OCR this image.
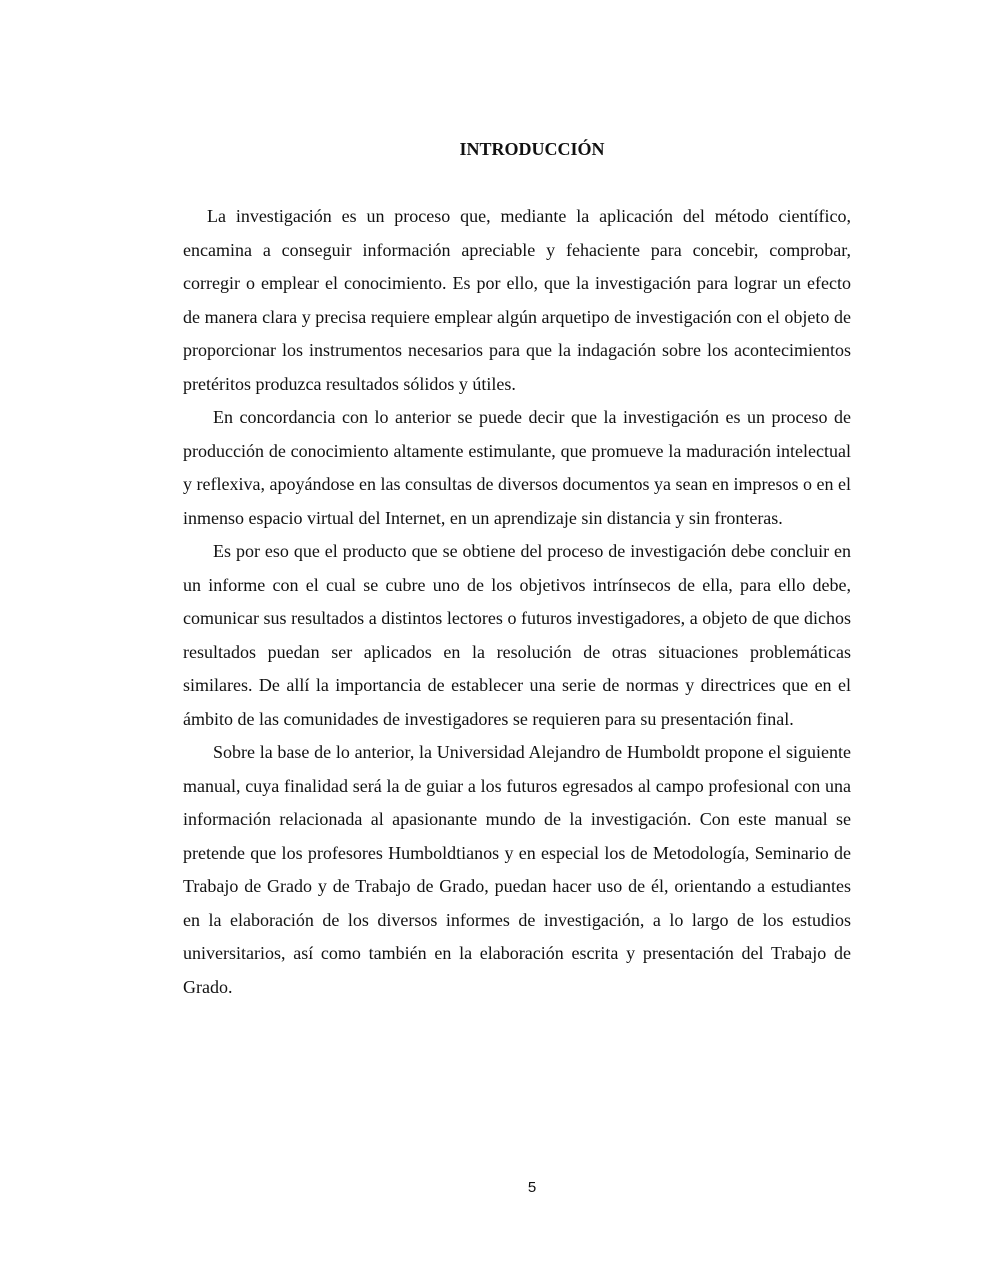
INTRODUCCIÓN

La investigación es un proceso que, mediante la aplicación del método científico, encamina a conseguir información apreciable y fehaciente para concebir, comprobar, corregir o emplear el conocimiento. Es por ello, que la investigación para lograr un efecto de manera clara y precisa requiere emplear algún arquetipo de investigación con el objeto de proporcionar los instrumentos necesarios para que la indagación sobre los acontecimientos pretéritos produzca resultados sólidos y útiles.

En concordancia con lo anterior se puede decir que la investigación es un proceso de producción de conocimiento altamente estimulante, que promueve la maduración intelectual y reflexiva, apoyándose en las consultas de diversos documentos ya sean en impresos o en el inmenso espacio virtual del Internet, en un aprendizaje sin distancia y sin fronteras.

Es por eso que el producto que se obtiene del proceso de investigación debe concluir en un informe con el cual se cubre uno de los objetivos intrínsecos de ella, para ello debe, comunicar sus resultados a distintos lectores o futuros investigadores, a objeto de que dichos resultados puedan ser aplicados en la resolución de otras situaciones problemáticas similares. De allí la importancia de establecer una serie de normas y directrices que en el ámbito de las comunidades de investigadores se requieren para su presentación final.

Sobre la base de lo anterior, la Universidad Alejandro de Humboldt propone el siguiente manual, cuya finalidad será la de guiar a los futuros egresados al campo profesional con una información relacionada al apasionante mundo de la investigación. Con este manual se pretende que los profesores Humboldtianos y en especial los de Metodología, Seminario de Trabajo de Grado y de Trabajo de Grado, puedan hacer uso de él, orientando a estudiantes en la elaboración de los diversos informes de investigación, a lo largo de los estudios universitarios, así como también en la elaboración escrita y presentación del Trabajo de Grado.

5
